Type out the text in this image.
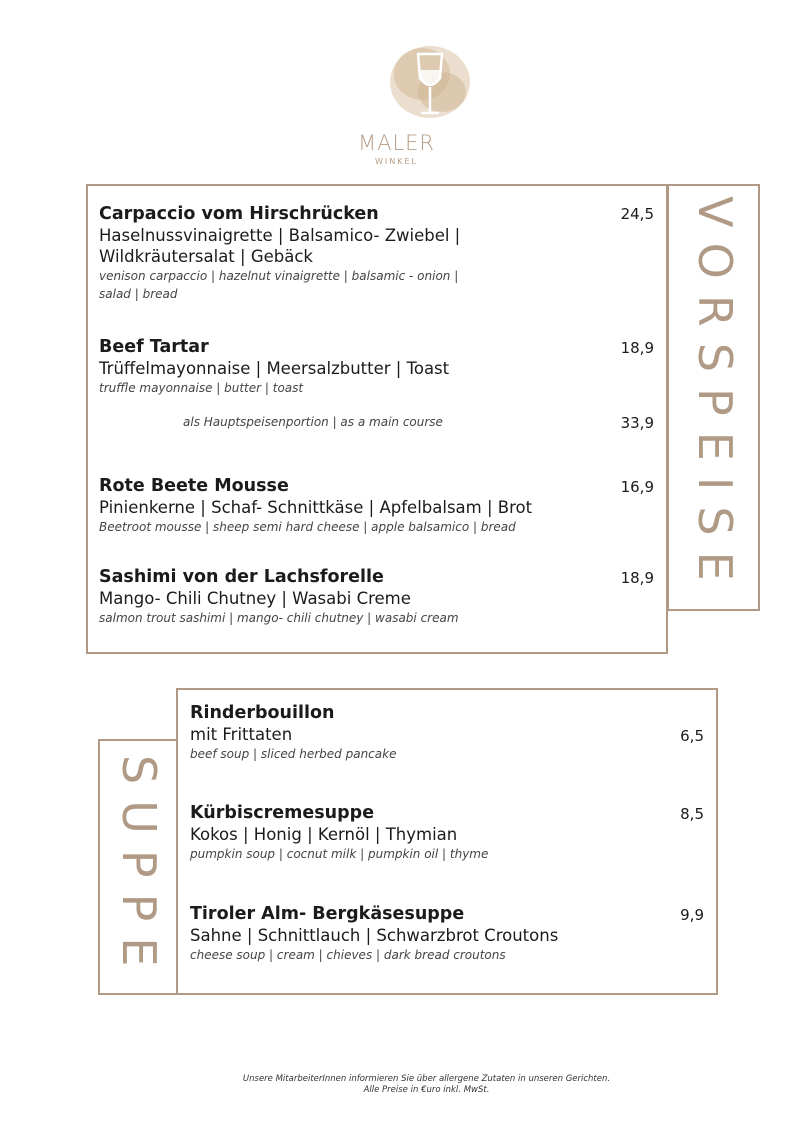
MALER
WINKEL
VORSPEISE
Carpaccio vom Hirschrücken
Haselnussvinaigrette | Balsamico- Zwiebel |
Wildkräutersalat | Gebäck
venison carpaccio | hazelnut vinaigrette | balsamic - onion |
salad | bread
24,5
Beef Tartar
Trüffelmayonnaise | Meersalzbutter | Toast
truffle mayonnaise | butter | toast
18,9
als Hauptspeisenportion | as a main course	33,9
Rote Beete Mousse
Pinienkerne | Schaf- Schnittkäse | Apfelbalsam | Brot
Beetroot mousse | sheep semi hard cheese | apple balsamico | bread
16,9
Sashimi von der Lachsforelle
Mango- Chili Chutney | Wasabi Creme
salmon trout sashimi | mango- chili chutney | wasabi cream
18,9
SUPPE
Rinderbouillon
mit Frittaten
beef soup | sliced herbed pancake
6,5
Kürbiscremesuppe
Kokos | Honig | Kernöl | Thymian
pumpkin soup | cocnut milk | pumpkin oil | thyme
8,5
Tiroler Alm- Bergkäsesuppe
Sahne | Schnittlauch | Schwarzbrot Croutons
cheese soup | cream | chieves | dark bread croutons
9,9
Unsere MitarbeiterInnen informieren Sie über allergene Zutaten in unseren Gerichten.
Alle Preise in €uro inkl. MwSt.
